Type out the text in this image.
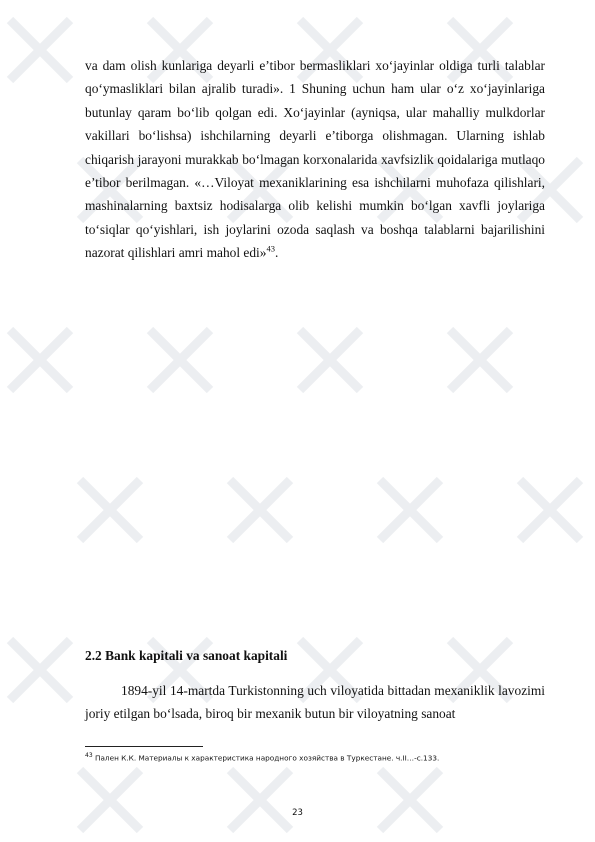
va dam olish kunlariga deyarli e’tibor bermasliklari xo‘jayinlar oldiga turli talablar qo‘ymasliklari bilan ajralib turadi». 1 Shuning uchun ham ular o‘z xo‘jayinlariga butunlay qaram bo‘lib qolgan edi. Xo‘jayinlar (ayniqsa, ular mahalliy mulkdorlar vakillari bo‘lishsa) ishchilarning deyarli e’tiborga olishmagan. Ularning ishlab chiqarish jarayoni murakkab bo‘lmagan korxonalarida xavfsizlik qoidalariga mutlaqo e’tibor berilmagan. «…Viloyat mexaniklarining esa ishchilarni muhofaza qilishlari, mashinalarning baxtsiz hodisalarga olib kelishi mumkin bo‘lgan xavfli joylariga to‘siqlar qo‘yishlari, ish joylarini ozoda saqlash va boshqa talablarni bajarilishini nazorat qilishlari amri mahol edi»$^{43}$.

2.2 Bank kapitali va sanoat kapitali

1894-yil 14-martda Turkistonning uch viloyatida bittadan mexaniklik lavozimi joriy etilgan bo‘lsada, biroq bir mexanik butun bir viloyatning sanoat

$^{43}$ Пален К.К. Материалы к характеристика народного хозяйства в Туркестане. ч.II…-с.133.

23
